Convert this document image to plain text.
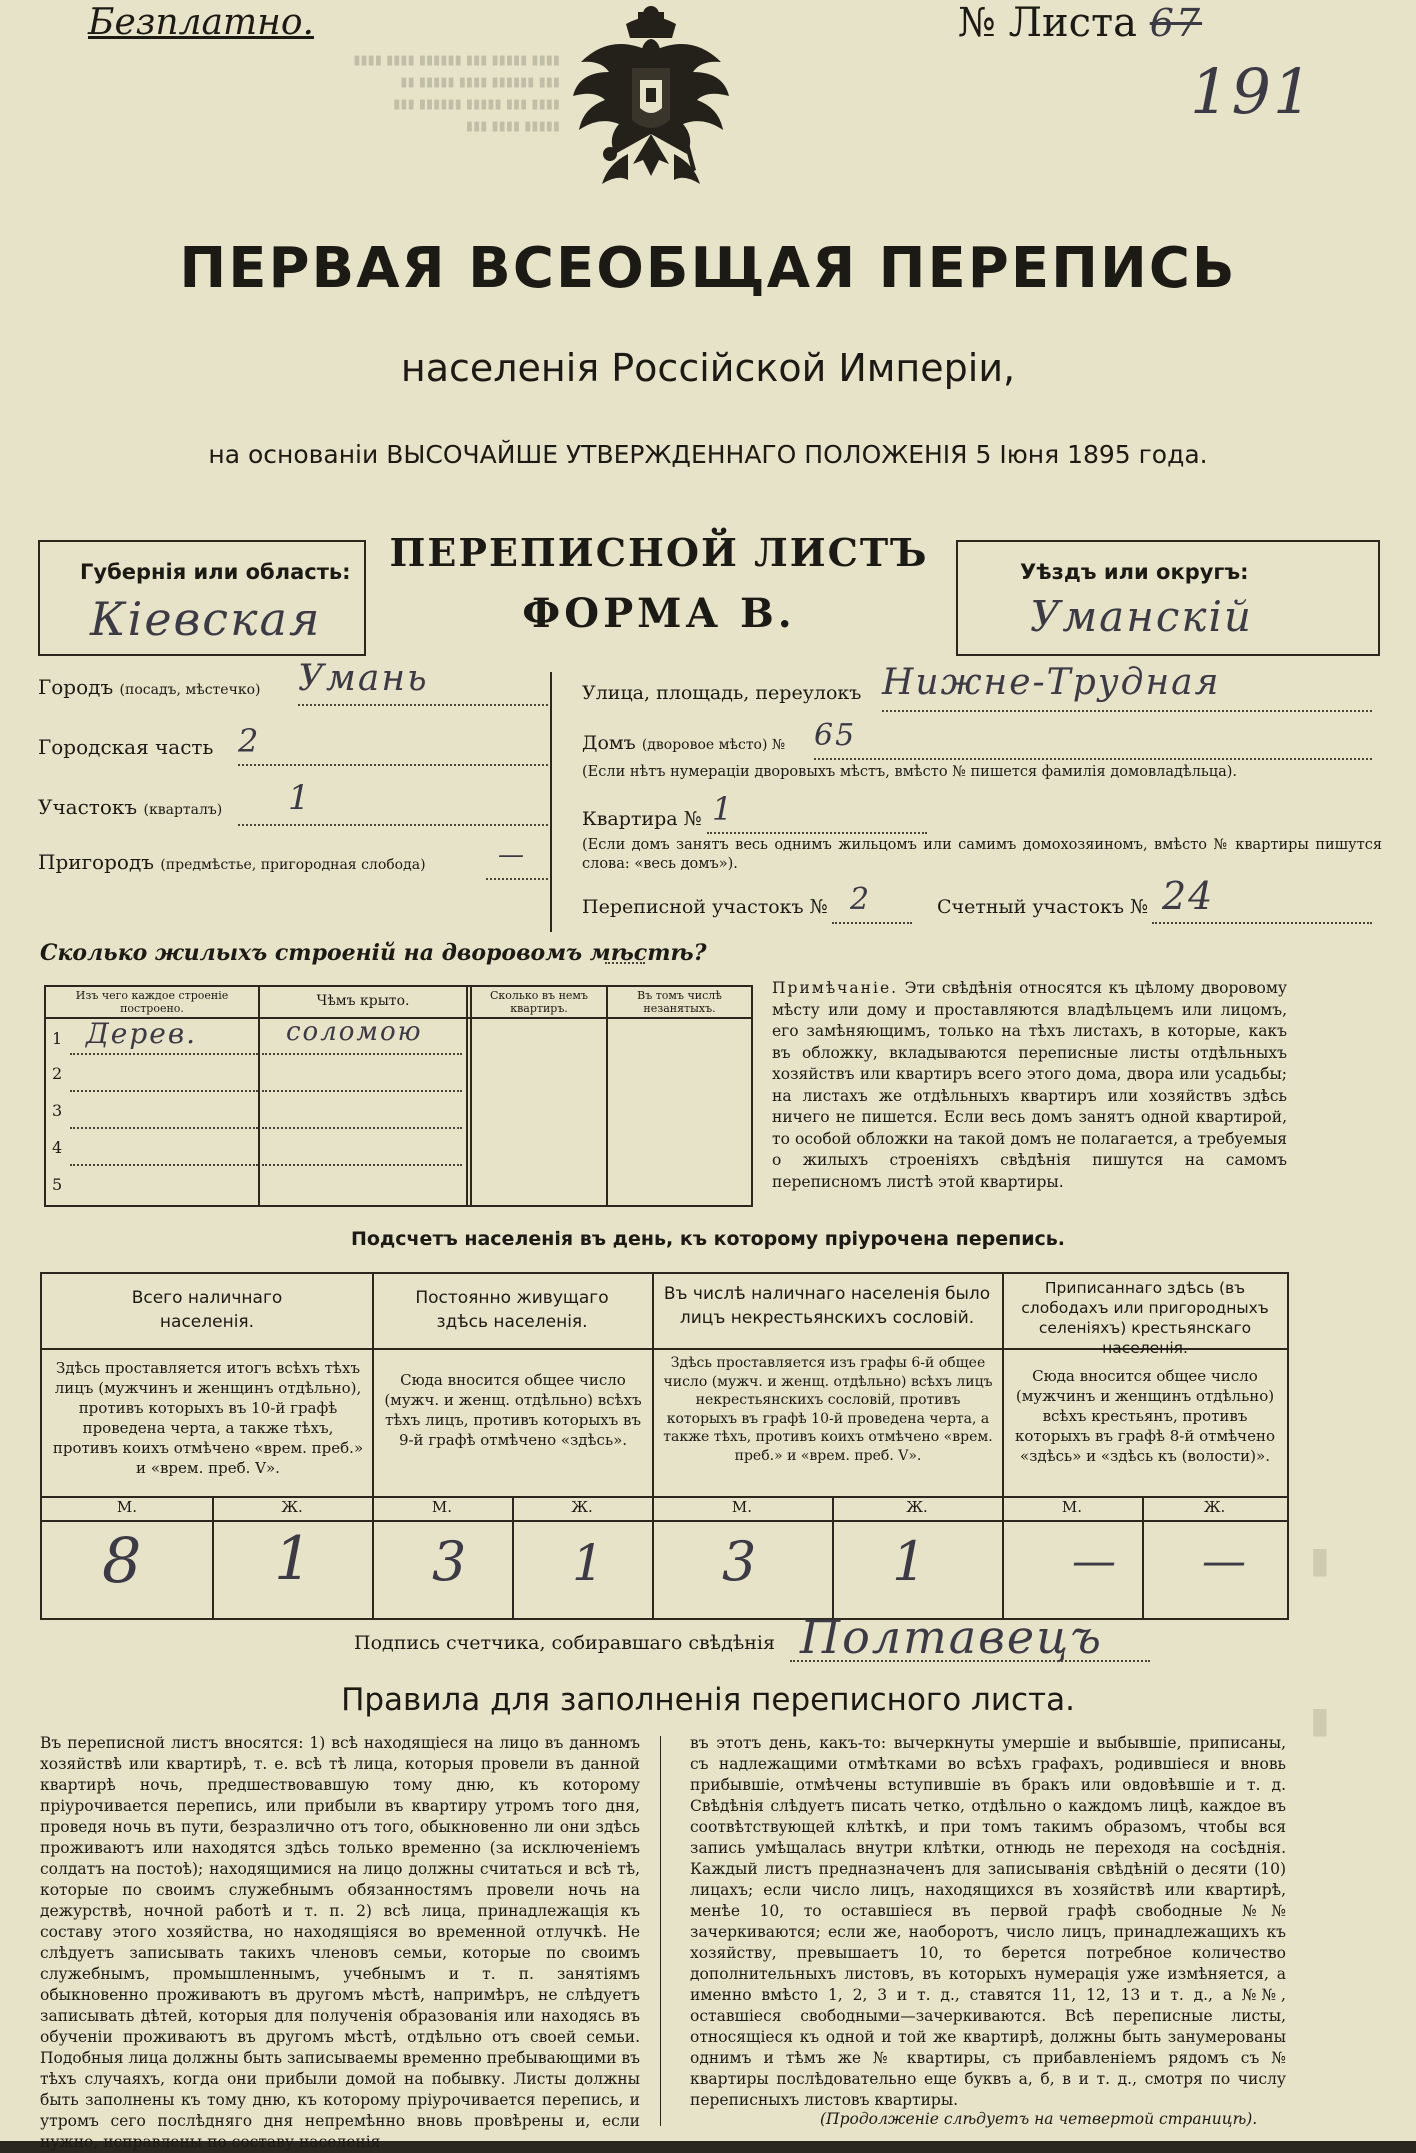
Безплатно.	№ Листа 67
191
▮▮▮▮ ▮▮▮▮▮ ▮▮▮ ▮▮▮▮▮▮ ▮▮▮▮ ▮▮▮▮
▮▮▮ ▮▮▮▮▮▮ ▮▮▮▮ ▮▮▮▮▮ ▮▮
▮▮▮▮ ▮▮▮ ▮▮▮▮▮ ▮▮▮▮▮▮ ▮▮▮
▮▮▮▮▮ ▮▮▮▮ ▮▮▮
ПЕРВАЯ ВСЕОБЩАЯ ПЕРЕПИСЬ
населенія Россійской Имперіи,
на основаніи ВЫСОЧАЙШЕ УТВЕРЖДЕННАГО ПОЛОЖЕНІЯ 5 Іюня 1895 года.
Губернія или область:
Кіевская
ПЕРЕПИСНОЙ ЛИСТЪ
ФОРМА В.
Уѣздъ или округъ:
Уманскій
Городъ (посадъ, мѣстечко) Умань
Городская часть 2
Участокъ (кварталъ) 1
Пригородъ (предмѣстье, пригородная слобода)	—
Улица, площадь, переулокъ Нижне-Трудная
Домъ (дворовое мѣсто) № 65
(Если нѣтъ нумераціи дворовыхъ мѣстъ, вмѣсто № пишется фамилія домовладѣльца).
Квартира № 1
(Если домъ занятъ весь однимъ жильцомъ или самимъ домохозяиномъ, вмѣсто № квартиры пишутся слова: «весь домъ»).
Переписной участокъ № 2	Счетный участокъ № 24
Сколько жилыхъ строеній на дворовомъ мѣстѣ?
Изъ чего каждое строеніе построено.	Чѣмъ крыто.	Сколько въ немъ квартиръ.
Въ томъ числѣ незанятыхъ.
1 Дерев.	соломою
2
3
4
5
Примѣчаніе. Эти свѣдѣнія относятся къ цѣлому дворовому мѣсту или дому и проставляются владѣльцемъ или лицомъ, его замѣняющимъ, только на тѣхъ листахъ, в которые, какъ въ обложку, вкладываются переписные листы отдѣльныхъ хозяйствъ или квартиръ всего этого дома, двора или усадьбы; на листахъ же отдѣльныхъ квартиръ или хозяйствъ здѣсь ничего не пишется. Если весь домъ занятъ одной квартирой, то особой обложки на такой домъ не полагается, а требуемыя о жилыхъ строеніяхъ свѣдѣнія пишутся на самомъ переписномъ листѣ этой квартиры.
Подсчетъ населенія въ день, къ которому пріурочена перепись.
Всего наличнаго населенія.
Здѣсь проставляется итогъ всѣхъ тѣхъ лицъ (мужчинъ и женщинъ отдѣльно), противъ которыхъ въ 10-й графѣ проведена черта, а также тѣхъ, противъ коихъ отмѣчено «врем. преб.» и «врем. преб. V».
М.	Ж.
8 1
Постоянно живущаго здѣсь населенія.
Сюда вносится общее число (мужч. и женщ. отдѣльно) всѣхъ тѣхъ лицъ, противъ которыхъ въ 9-й графѣ отмѣчено «здѣсь».
М.	Ж.
3 1
Въ числѣ наличнаго населенія было лицъ некрестьянскихъ сословій.
Здѣсь проставляется изъ графы 6-й общее число (мужч. и женщ. отдѣльно) всѣхъ лицъ некрестьянскихъ сословій, противъ которыхъ въ графѣ 10-й проведена черта, а также тѣхъ, противъ коихъ отмѣчено «врем. преб.» и «врем. преб. V».
М.	Ж.
3 1
Приписаннаго здѣсь (въ слободахъ или пригородныхъ селеніяхъ) крестьянскаго населенія.
Сюда вносится общее число (мужчинъ и женщинъ отдѣльно) всѣхъ крестьянъ, противъ которыхъ въ графѣ 8-й отмѣчено «здѣсь» и «здѣсь къ (волости)».
М.	Ж.
— —
Подпись счетчика, собиравшаго свѣдѣнія Полтавецъ
Правила для заполненія переписного листа.
Въ переписной листъ вносятся: 1) всѣ находящіеся на лицо въ данномъ хозяйствѣ или квартирѣ, т. е. всѣ тѣ лица, которыя провели въ данной квартирѣ ночь, предшествовавшую тому дню, къ которому пріурочивается перепись, или прибыли въ квартиру утромъ того дня, проведя ночь въ пути, безразлично отъ того, обыкновенно ли они здѣсь проживаютъ или находятся здѣсь только временно (за исключеніемъ солдатъ на постоѣ); находящимися на лицо должны считаться и всѣ тѣ, которые по своимъ служебнымъ обязанностямъ провели ночь на дежурствѣ, ночной работѣ и т. п. 2) всѣ лица, принадлежащія къ составу этого хозяйства, но находящіяся во временной отлучкѣ. Не слѣдуетъ записывать такихъ членовъ семьи, которые по своимъ служебнымъ, промышленнымъ, учебнымъ и т. п. занятіямъ обыкновенно проживаютъ въ другомъ мѣстѣ, напримѣръ, не слѣдуетъ записывать дѣтей, которыя для полученія образованія или находясь въ обученіи проживаютъ въ другомъ мѣстѣ, отдѣльно отъ своей семьи. Подобныя лица должны быть записываемы временно пребывающими въ тѣхъ случаяхъ, когда они прибыли домой на побывку. Листы должны быть заполнены къ тому дню, къ которому пріурочивается перепись, и утромъ сего послѣдняго дня непремѣнно вновь провѣрены и, если нужно, исправлены по составу населенія
въ этотъ день, какъ-то: вычеркнуты умершіе и выбывшіе, приписаны, съ надлежащими отмѣтками во всѣхъ графахъ, родившіеся и вновь прибывшіе, отмѣчены вступившіе въ бракъ или овдовѣвшіе и т. д. Свѣдѣнія слѣдуетъ писать четко, отдѣльно о каждомъ лицѣ, каждое въ соотвѣтствующей клѣткѣ, и при томъ такимъ образомъ, чтобы вся запись умѣщалась внутри клѣтки, отнюдь не переходя на сосѣднія. Каждый листъ предназначенъ для записыванія свѣдѣній о десяти (10) лицахъ; если число лицъ, находящихся въ хозяйствѣ или квартирѣ, менѣе 10, то оставшіеся въ первой графѣ свободные №№ зачеркиваются; если же, наоборотъ, число лицъ, принадлежащихъ къ хозяйству, превышаетъ 10, то берется потребное количество дополнительныхъ листовъ, въ которыхъ нумерація уже измѣняется, а именно вмѣсто 1, 2, 3 и т. д., ставятся 11, 12, 13 и т. д., а №№, оставшіеся свободными—зачеркиваются. Всѣ переписные листы, относящіеся къ одной и той же квартирѣ, должны быть занумерованы однимъ и тѣмъ же № квартиры, съ прибавленіемъ рядомъ съ № квартиры послѣдовательно еще буквъ а, б, в и т. д., смотря по числу переписныхъ листовъ квартиры.
(Продолженіе слѣдуетъ на четвертой страницѣ).
▮
▮
